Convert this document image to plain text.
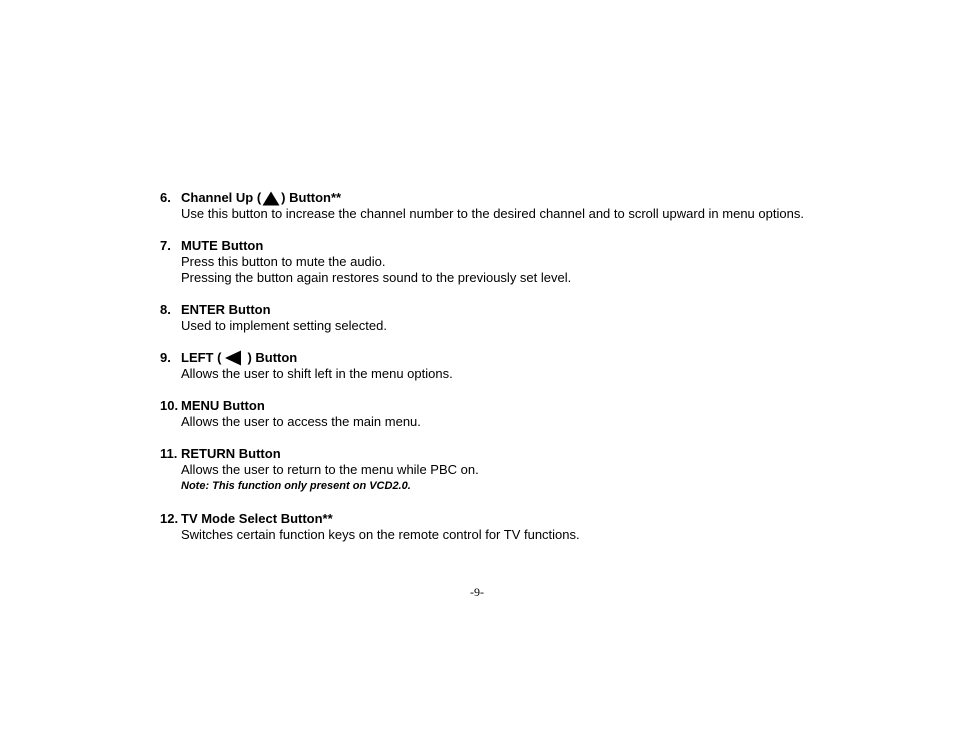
6. Channel Up ( ) Button**
Use this button to increase the channel number to the desired channel and to scroll upward in menu options.
7. MUTE Button
Press this button to mute the audio.
Pressing the button again restores sound to the previously set level.
8. ENTER Button
Used to implement setting selected.
9. LEFT ( ) Button
Allows the user to shift left in the menu options.
10. MENU Button
Allows the user to access the main menu.
11. RETURN Button
Allows the user to return to the menu while PBC on.
Note: This function only present on VCD2.0.
12. TV Mode Select Button**
Switches certain function keys on the remote control for TV functions.
-9-
